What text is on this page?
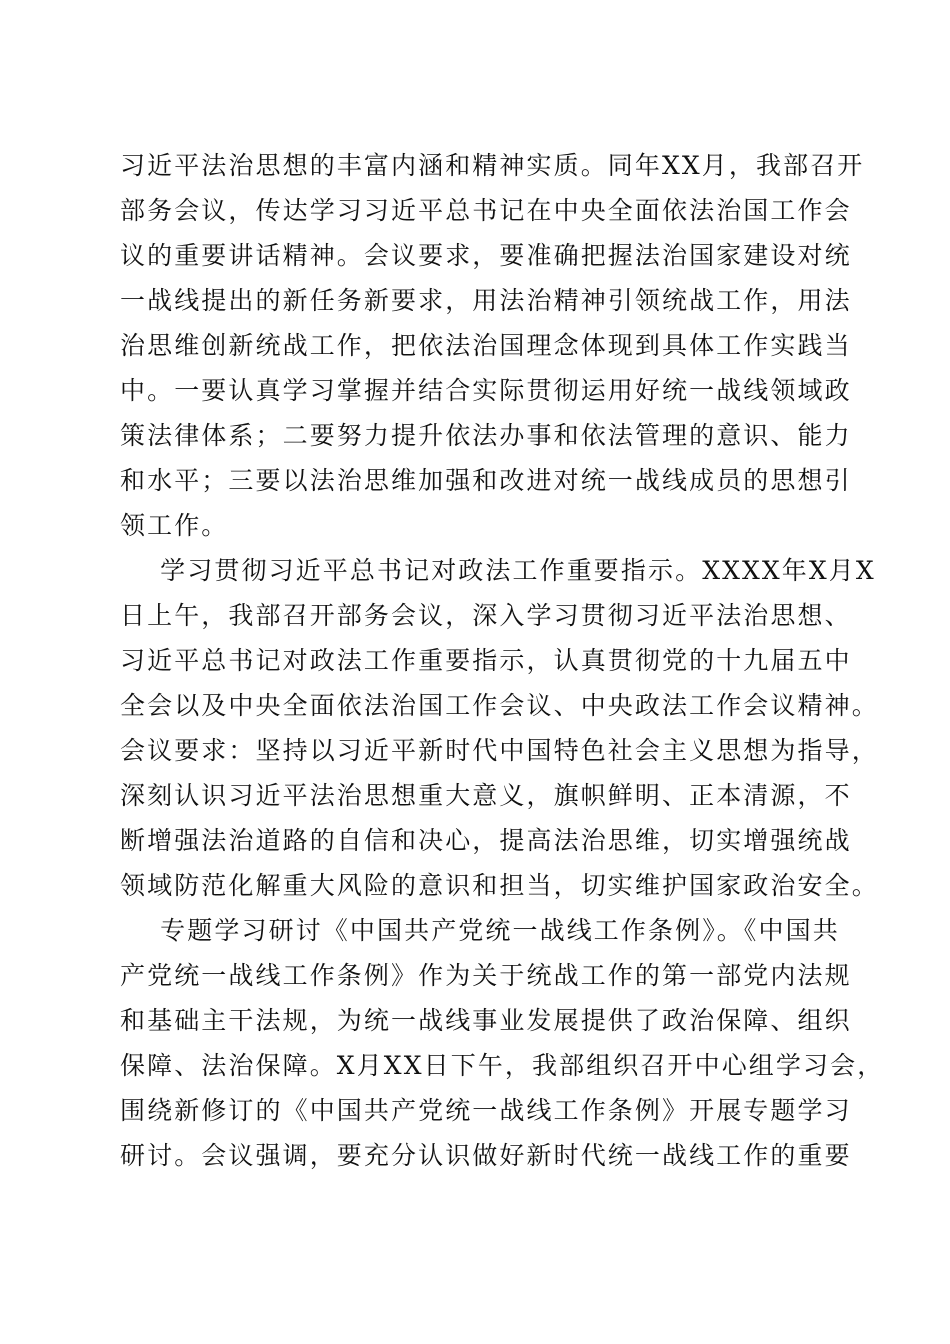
习近平法治思想的丰富内涵和精神实质。同年XX月，我部召开
部务会议，传达学习习近平总书记在中央全面依法治国工作会
议的重要讲话精神。会议要求，要准确把握法治国家建设对统
一战线提出的新任务新要求，用法治精神引领统战工作，用法
治思维创新统战工作，把依法治国理念体现到具体工作实践当
中。一要认真学习掌握并结合实际贯彻运用好统一战线领域政
策法律体系；二要努力提升依法办事和依法管理的意识、能力
和水平；三要以法治思维加强和改进对统一战线成员的思想引
领工作。
学习贯彻习近平总书记对政法工作重要指示。XXXX年X月X
日上午，我部召开部务会议，深入学习贯彻习近平法治思想、
习近平总书记对政法工作重要指示，认真贯彻党的十九届五中
全会以及中央全面依法治国工作会议、中央政法工作会议精神。
会议要求：坚持以习近平新时代中国特色社会主义思想为指导，
深刻认识习近平法治思想重大意义，旗帜鲜明、正本清源，不
断增强法治道路的自信和决心，提高法治思维，切实增强统战
领域防范化解重大风险的意识和担当，切实维护国家政治安全。
专题学习研讨《中国共产党统一战线工作条例》。《中国共
产党统一战线工作条例》作为关于统战工作的第一部党内法规
和基础主干法规，为统一战线事业发展提供了政治保障、组织
保障、法治保障。X月XX日下午，我部组织召开中心组学习会，
围绕新修订的《中国共产党统一战线工作条例》开展专题学习
研讨。会议强调，要充分认识做好新时代统一战线工作的重要
